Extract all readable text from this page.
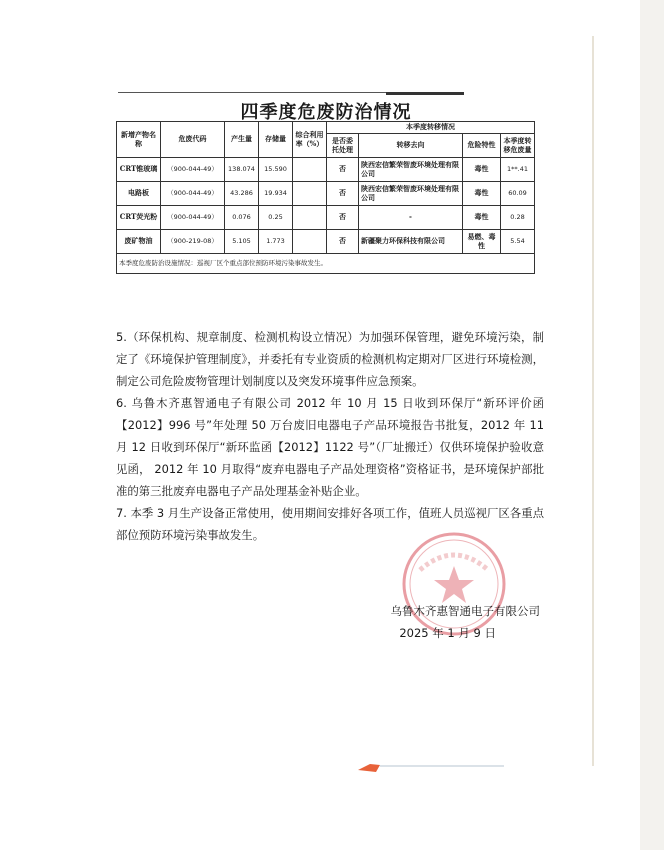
四季度危废防治情况
新增产物名称	危废代码	产生量	存储量	综合利用率（%）	本季度转移情况			
					是否委托处理	转移去向	危险特性	本季度转移危废量
CRT锥玻璃	（900-044-49）	138.074	15.590		否	陕西宏信繁荣智废环境处理有限公司	毒性	1**.41
电路板	（900-044-49）	43.286	19.934		否	陕西宏信繁荣智废环境处理有限公司	毒性	60.09
CRT荧光粉	（900-044-49）	0.076	0.25		否	-	毒性	0.28
废矿物油	（900-219-08）	5.105	1.773		否	新疆聚力环保科技有限公司	易燃、毒性	5.54
本季度危废防治设施情况：巡视厂区个重点部位预防环境污染事故发生。								

5.（环保机构、规章制度、检测机构设立情况）为加强环保管理，避免环境污染，制定了《环境保护管理制度》，并委托有专业资质的检测机构定期对厂区进行环境检测，制定公司危险废物管理计划制度以及突发环境事件应急预案。

6. 乌鲁木齐惠智通电子有限公司 2012 年 10 月 15 日收到环保厅“新环评价函【2012】996 号”年处理 50 万台废旧电器电子产品环境报告书批复，2012 年 11 月 12 日收到环保厅“新环监函【2012】1122 号”（厂址搬迁）仅供环境保护验收意见函， 2012 年 10 月取得“废弃电器电子产品处理资格”资格证书，是环境保护部批准的第三批废弃电器电子产品处理基金补贴企业。

7. 本季 3 月生产设备正常使用，使用期间安排好各项工作，值班人员巡视厂区各重点部位预防环境污染事故发生。

乌鲁木齐惠智通电子有限公司
2025 年 1 月 9 日
